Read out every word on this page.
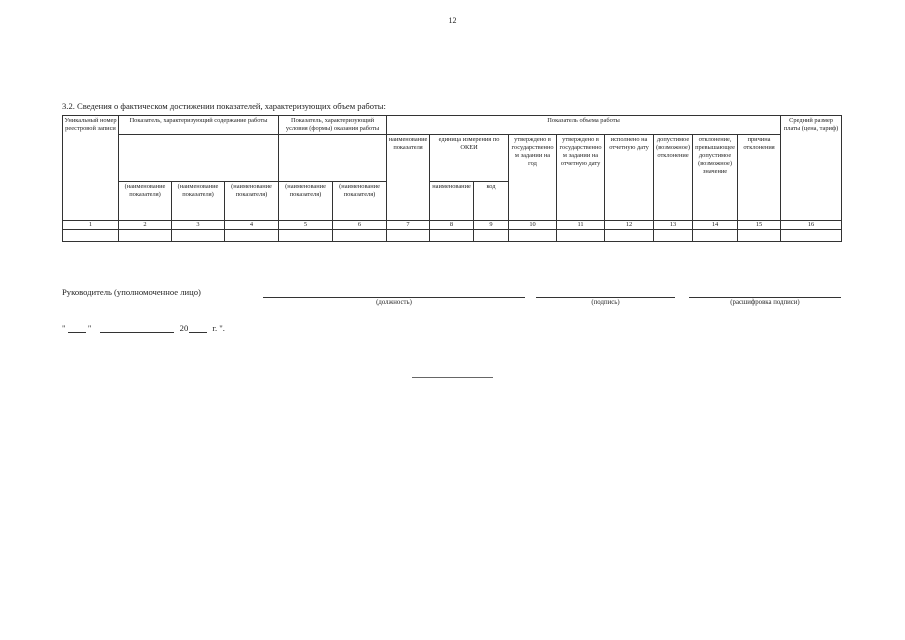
12
3.2. Сведения о фактическом достижении показателей, характеризующих объем работы:
Уникальный номер реестровой записи	Показатель, характеризующий содержание работы			Показатель, характеризующий условия (формы) оказания работы		Показатель объема работы									Средний размер платы (цена, тариф)
						наименование показателя	единица измерения по ОКЕИ		утверждено в государственном задании на год	утверждено в государственном задании на отчетную дату	исполнено на отчетную дату	допустимое (возможное) отклонение	отклонение, превышающее допустимое (возможное) значение	причина отклонения	
	(наименование показателя)	(наименование показателя)	(наименование показателя)	(наименование показателя)	(наименование показателя)		наименование	код							
1	2	3	4	5	6	7	8	9	10	11	12	13	14	15	16

Руководитель (уполномоченное лицо)
(должность)	(подпись)	(расшифровка подписи)
"	"	20	г. ".
